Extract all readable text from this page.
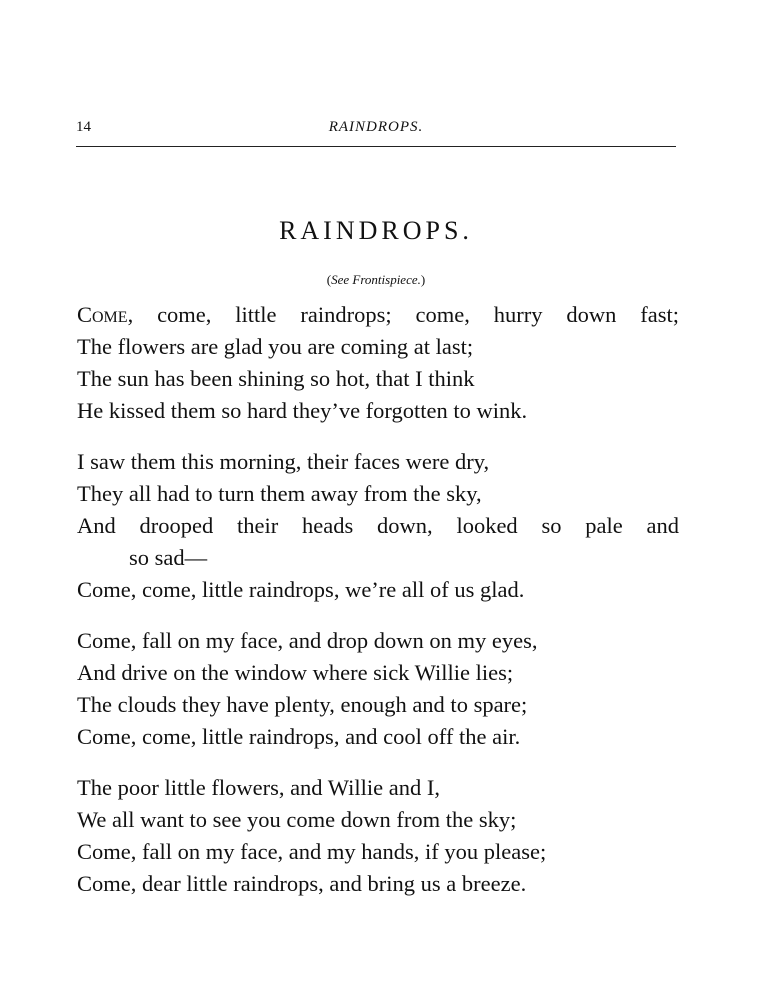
14	RAINDROPS.
RAINDROPS.
(See Frontispiece.)
Come, come, little raindrops; come, hurry down fast;
The flowers are glad you are coming at last;
The sun has been shining so hot, that I think
He kissed them so hard they’ve forgotten to wink.
I saw them this morning, their faces were dry,
They all had to turn them away from the sky,
And drooped their heads down, looked so pale and
so sad—
Come, come, little raindrops, we’re all of us glad.
Come, fall on my face, and drop down on my eyes,
And drive on the window where sick Willie lies;
The clouds they have plenty, enough and to spare;
Come, come, little raindrops, and cool off the air.
The poor little flowers, and Willie and I,
We all want to see you come down from the sky;
Come, fall on my face, and my hands, if you please;
Come, dear little raindrops, and bring us a breeze.
